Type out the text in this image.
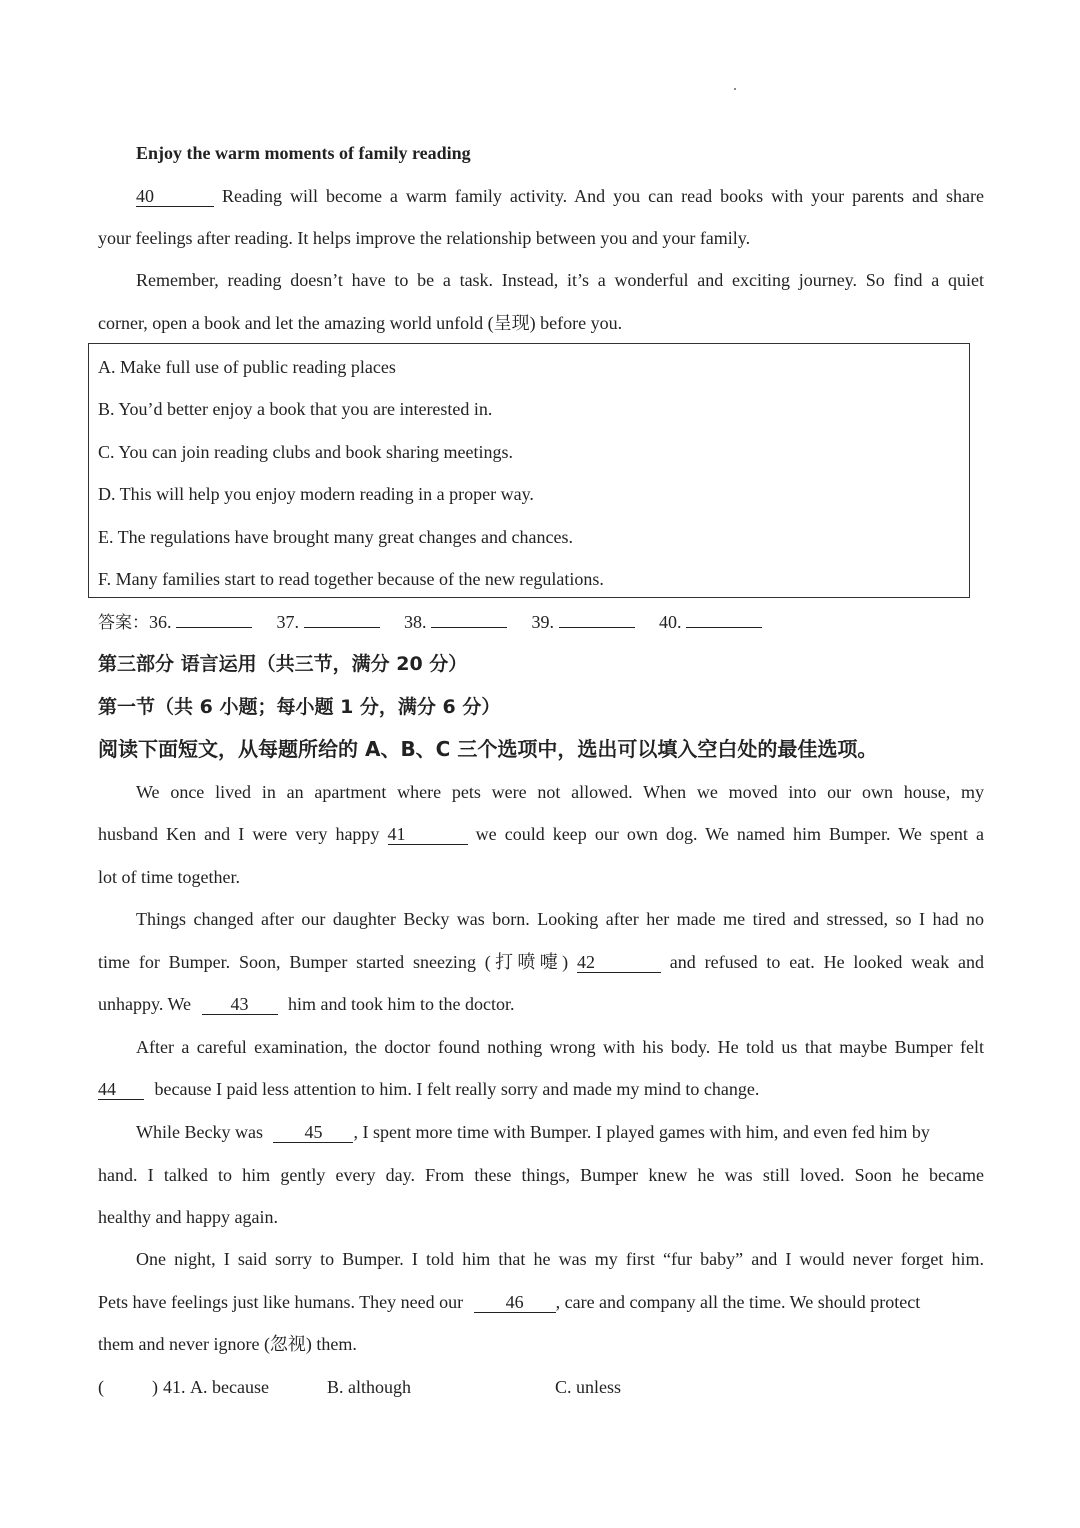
Enjoy the warm moments of family reading
40	Reading will become a warm family activity. And you can read books with your parents and share
your feelings after reading. It helps improve the relationship between you and your family.
Remember, reading doesn’t have to be a task. Instead, it’s a wonderful and exciting journey. So find a quiet
corner, open a book and let the amazing world unfold (呈现) before you.
A. Make full use of public reading places
B. You’d better enjoy a book that you are interested in.
C. You can join reading clubs and book sharing meetings.
D. This will help you enjoy modern reading in a proper way.
E. The regulations have brought many great changes and chances.
F. Many families start to read together because of the new regulations.
答案：36.	37.	38.	39.	40.
第三部分 语言运用（共三节，满分 20 分）
第一节（共 6 小题；每小题 1 分，满分 6 分）
阅读下面短文，从每题所给的 A、B、C 三个选项中，选出可以填入空白处的最佳选项。
We once lived in an apartment where pets were not allowed. When we moved into our own house, my
husband Ken and I were very happy 41	we could keep our own dog. We named him Bumper. We spent a
lot of time together.
Things changed after our daughter Becky was born. Looking after her made me tired and stressed, so I had no
time for Bumper. Soon, Bumper started sneezing (打喷嚏) 42	and refused to eat. He looked weak and
unhappy. We 43 him and took him to the doctor.
After a careful examination, the doctor found nothing wrong with his body. He told us that maybe Bumper felt
44 because I paid less attention to him. I felt really sorry and made my mind to change.
While Becky was 45 , I spent more time with Bumper. I played games with him, and even fed him by
hand. I talked to him gently every day. From these things, Bumper knew he was still loved. Soon he became
healthy and happy again.
One night, I said sorry to Bumper. I told him that he was my first “fur baby” and I would never forget him.
Pets have feelings just like humans. They need our 46 , care and company all the time. We should protect
them and never ignore (忽视) them.
(	) 41. A. because	B. although	C. unless
